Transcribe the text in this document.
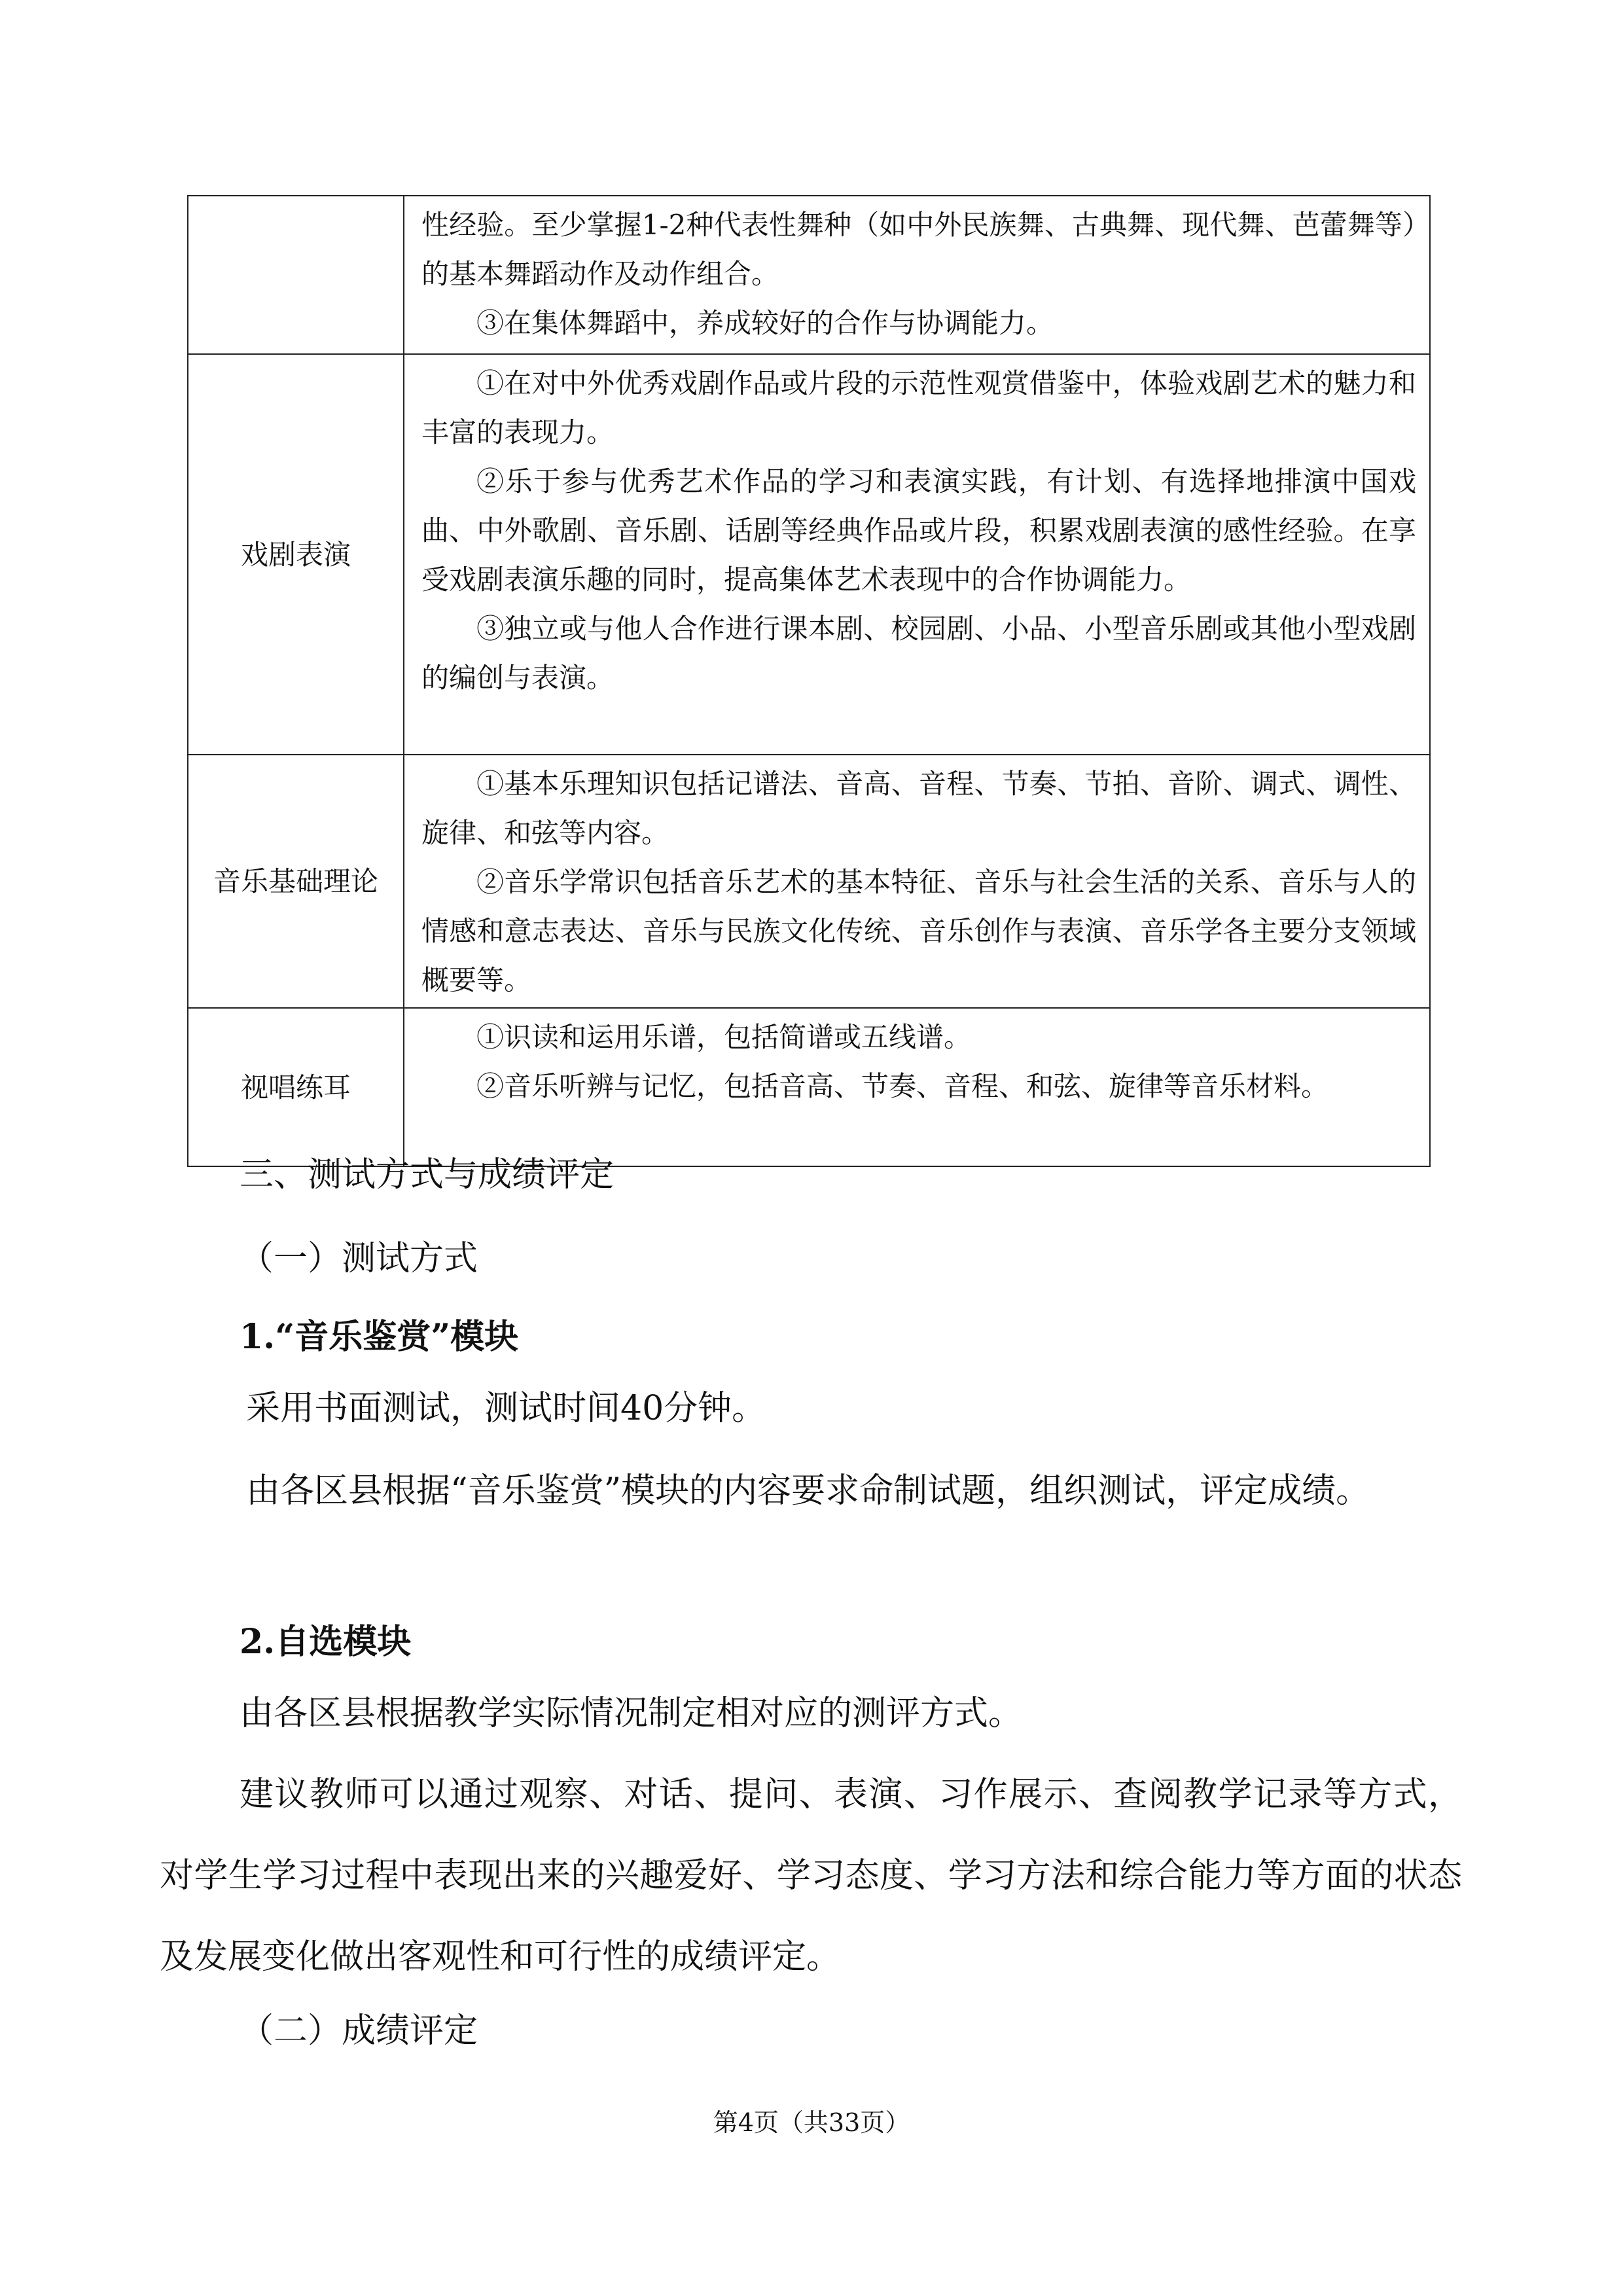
	性经验。至少掌握1-2种代表性舞种（如中外民族舞、古典舞、现代舞、芭蕾舞等）的基本舞蹈动作及动作组合。

③在集体舞蹈中，养成较好的合作与协调能力。

戏剧表演	①在对中外优秀戏剧作品或片段的示范性观赏借鉴中，体验戏剧艺术的魅力和丰富的表现力。

②乐于参与优秀艺术作品的学习和表演实践，有计划、有选择地排演中国戏曲、中外歌剧、音乐剧、话剧等经典作品或片段，积累戏剧表演的感性经验。在享受戏剧表演乐趣的同时，提高集体艺术表现中的合作协调能力。

③独立或与他人合作进行课本剧、校园剧、小品、小型音乐剧或其他小型戏剧的编创与表演。

音乐基础理论	①基本乐理知识包括记谱法、音高、音程、节奏、节拍、音阶、调式、调性、旋律、和弦等内容。

②音乐学常识包括音乐艺术的基本特征、音乐与社会生活的关系、音乐与人的情感和意志表达、音乐与民族文化传统、音乐创作与表演、音乐学各主要分支领域概要等。

视唱练耳	①识读和运用乐谱，包括简谱或五线谱。

②音乐听辨与记忆，包括音高、节奏、音程、和弦、旋律等音乐材料。

三、测试方式与成绩评定

（一）测试方式

1.“音乐鉴赏”模块

采用书面测试，测试时间40分钟。

由各区县根据“音乐鉴赏”模块的内容要求命制试题，组织测试，评定成绩。

2.自选模块

由各区县根据教学实际情况制定相对应的测评方式。

建议教师可以通过观察、对话、提问、表演、习作展示、查阅教学记录等方式，对学生学习过程中表现出来的兴趣爱好、学习态度、学习方法和综合能力等方面的状态及发展变化做出客观性和可行性的成绩评定。

（二）成绩评定

第4页（共33页）
